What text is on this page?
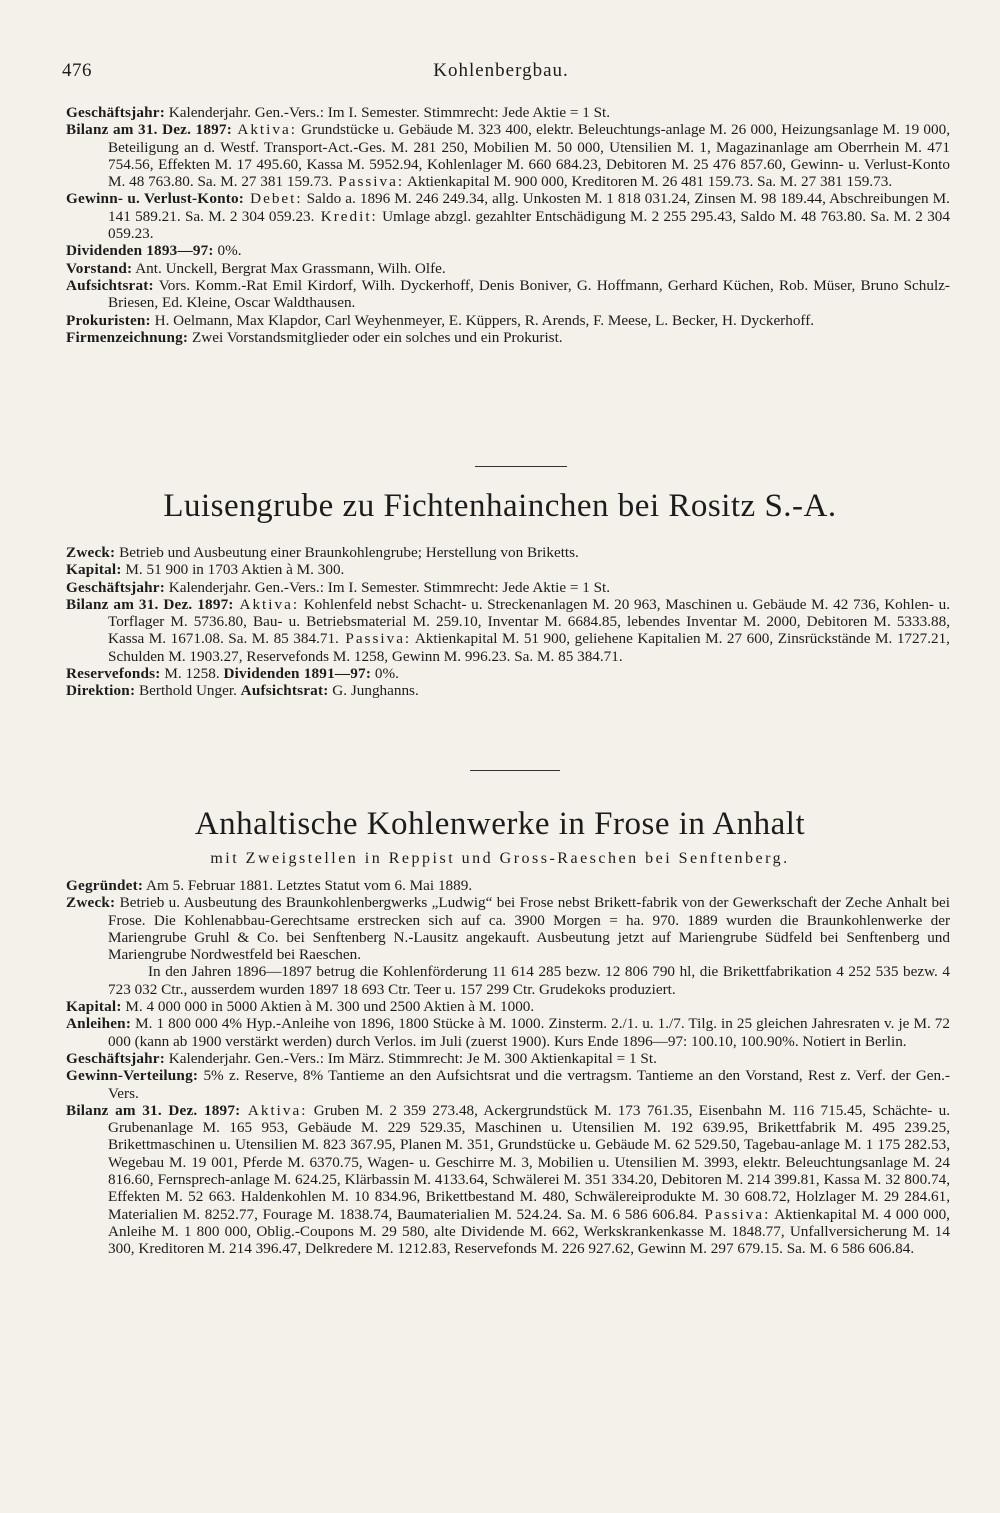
476	Kohlenbergbau.

Geschäftsjahr: Kalenderjahr. Gen.-Vers.: Im I. Semester. Stimmrecht: Jede Aktie = 1 St.

Bilanz am 31. Dez. 1897: Aktiva: Grundstücke u. Gebäude M. 323 400, elektr. Beleuchtungs-anlage M. 26 000, Heizungsanlage M. 19 000, Beteiligung an d. Westf. Transport-Act.-Ges. M. 281 250, Mobilien M. 50 000, Utensilien M. 1, Magazinanlage am Oberrhein M. 471 754.56, Effekten M. 17 495.60, Kassa M. 5952.94, Kohlenlager M. 660 684.23, Debitoren M. 25 476 857.60, Gewinn- u. Verlust-Konto M. 48 763.80. Sa. M. 27 381 159.73. Passiva: Aktienkapital M. 900 000, Kreditoren M. 26 481 159.73. Sa. M. 27 381 159.73.

Gewinn- u. Verlust-Konto: Debet: Saldo a. 1896 M. 246 249.34, allg. Unkosten M. 1 818 031.24, Zinsen M. 98 189.44, Abschreibungen M. 141 589.21. Sa. M. 2 304 059.23. Kredit: Umlage abzgl. gezahlter Entschädigung M. 2 255 295.43, Saldo M. 48 763.80. Sa. M. 2 304 059.23.

Dividenden 1893—97: 0%.

Vorstand: Ant. Unckell, Bergrat Max Grassmann, Wilh. Olfe.

Aufsichtsrat: Vors. Komm.-Rat Emil Kirdorf, Wilh. Dyckerhoff, Denis Boniver, G. Hoffmann, Gerhard Küchen, Rob. Müser, Bruno Schulz-Briesen, Ed. Kleine, Oscar Waldthausen.

Prokuristen: H. Oelmann, Max Klapdor, Carl Weyhenmeyer, E. Küppers, R. Arends, F. Meese, L. Becker, H. Dyckerhoff.

Firmenzeichnung: Zwei Vorstandsmitglieder oder ein solches und ein Prokurist.

Luisengrube zu Fichtenhainchen bei Rositz S.-A.

Zweck: Betrieb und Ausbeutung einer Braunkohlengrube; Herstellung von Briketts.

Kapital: M. 51 900 in 1703 Aktien à M. 300.

Geschäftsjahr: Kalenderjahr. Gen.-Vers.: Im I. Semester. Stimmrecht: Jede Aktie = 1 St.

Bilanz am 31. Dez. 1897: Aktiva: Kohlenfeld nebst Schacht- u. Streckenanlagen M. 20 963, Maschinen u. Gebäude M. 42 736, Kohlen- u. Torflager M. 5736.80, Bau- u. Betriebsmaterial M. 259.10, Inventar M. 6684.85, lebendes Inventar M. 2000, Debitoren M. 5333.88, Kassa M. 1671.08. Sa. M. 85 384.71. Passiva: Aktienkapital M. 51 900, geliehene Kapitalien M. 27 600, Zinsrückstände M. 1727.21, Schulden M. 1903.27, Reservefonds M. 1258, Gewinn M. 996.23. Sa. M. 85 384.71.

Reservefonds: M. 1258. Dividenden 1891—97: 0%.

Direktion: Berthold Unger. Aufsichtsrat: G. Junghanns.

Anhaltische Kohlenwerke in Frose in Anhalt
mit Zweigstellen in Reppist und Gross-Raeschen bei Senftenberg.

Gegründet: Am 5. Februar 1881. Letztes Statut vom 6. Mai 1889.

Zweck: Betrieb u. Ausbeutung des Braunkohlenbergwerks „Ludwig“ bei Frose nebst Brikett-fabrik von der Gewerkschaft der Zeche Anhalt bei Frose. Die Kohlenabbau-Gerechtsame erstrecken sich auf ca. 3900 Morgen = ha. 970. 1889 wurden die Braunkohlenwerke der Mariengrube Gruhl & Co. bei Senftenberg N.-Lausitz angekauft. Ausbeutung jetzt auf Mariengrube Südfeld bei Senftenberg und Mariengrube Nordwestfeld bei Raeschen.

In den Jahren 1896—1897 betrug die Kohlenförderung 11 614 285 bezw. 12 806 790 hl, die Brikettfabrikation 4 252 535 bezw. 4 723 032 Ctr., ausserdem wurden 1897 18 693 Ctr. Teer u. 157 299 Ctr. Grudekoks produziert.

Kapital: M. 4 000 000 in 5000 Aktien à M. 300 und 2500 Aktien à M. 1000.

Anleihen: M. 1 800 000 4% Hyp.-Anleihe von 1896, 1800 Stücke à M. 1000. Zinsterm. 2./1. u. 1./7. Tilg. in 25 gleichen Jahresraten v. je M. 72 000 (kann ab 1900 verstärkt werden) durch Verlos. im Juli (zuerst 1900). Kurs Ende 1896—97: 100.10, 100.90%. Notiert in Berlin.

Geschäftsjahr: Kalenderjahr. Gen.-Vers.: Im März. Stimmrecht: Je M. 300 Aktienkapital = 1 St.

Gewinn-Verteilung: 5% z. Reserve, 8% Tantieme an den Aufsichtsrat und die vertragsm. Tantieme an den Vorstand, Rest z. Verf. der Gen.-Vers.

Bilanz am 31. Dez. 1897: Aktiva: Gruben M. 2 359 273.48, Ackergrundstück M. 173 761.35, Eisenbahn M. 116 715.45, Schächte- u. Grubenanlage M. 165 953, Gebäude M. 229 529.35, Maschinen u. Utensilien M. 192 639.95, Brikettfabrik M. 495 239.25, Brikettmaschinen u. Utensilien M. 823 367.95, Planen M. 351, Grundstücke u. Gebäude M. 62 529.50, Tagebau-anlage M. 1 175 282.53, Wegebau M. 19 001, Pferde M. 6370.75, Wagen- u. Geschirre M. 3, Mobilien u. Utensilien M. 3993, elektr. Beleuchtungsanlage M. 24 816.60, Fernsprech-anlage M. 624.25, Klärbassin M. 4133.64, Schwälerei M. 351 334.20, Debitoren M. 214 399.81, Kassa M. 32 800.74, Effekten M. 52 663. Haldenkohlen M. 10 834.96, Brikettbestand M. 480, Schwälereiprodukte M. 30 608.72, Holzlager M. 29 284.61, Materialien M. 8252.77, Fourage M. 1838.74, Baumaterialien M. 524.24. Sa. M. 6 586 606.84. Passiva: Aktienkapital M. 4 000 000, Anleihe M. 1 800 000, Oblig.-Coupons M. 29 580, alte Dividende M. 662, Werkskrankenkasse M. 1848.77, Unfallversicherung M. 14 300, Kreditoren M. 214 396.47, Delkredere M. 1212.83, Reservefonds M. 226 927.62, Gewinn M. 297 679.15. Sa. M. 6 586 606.84.
